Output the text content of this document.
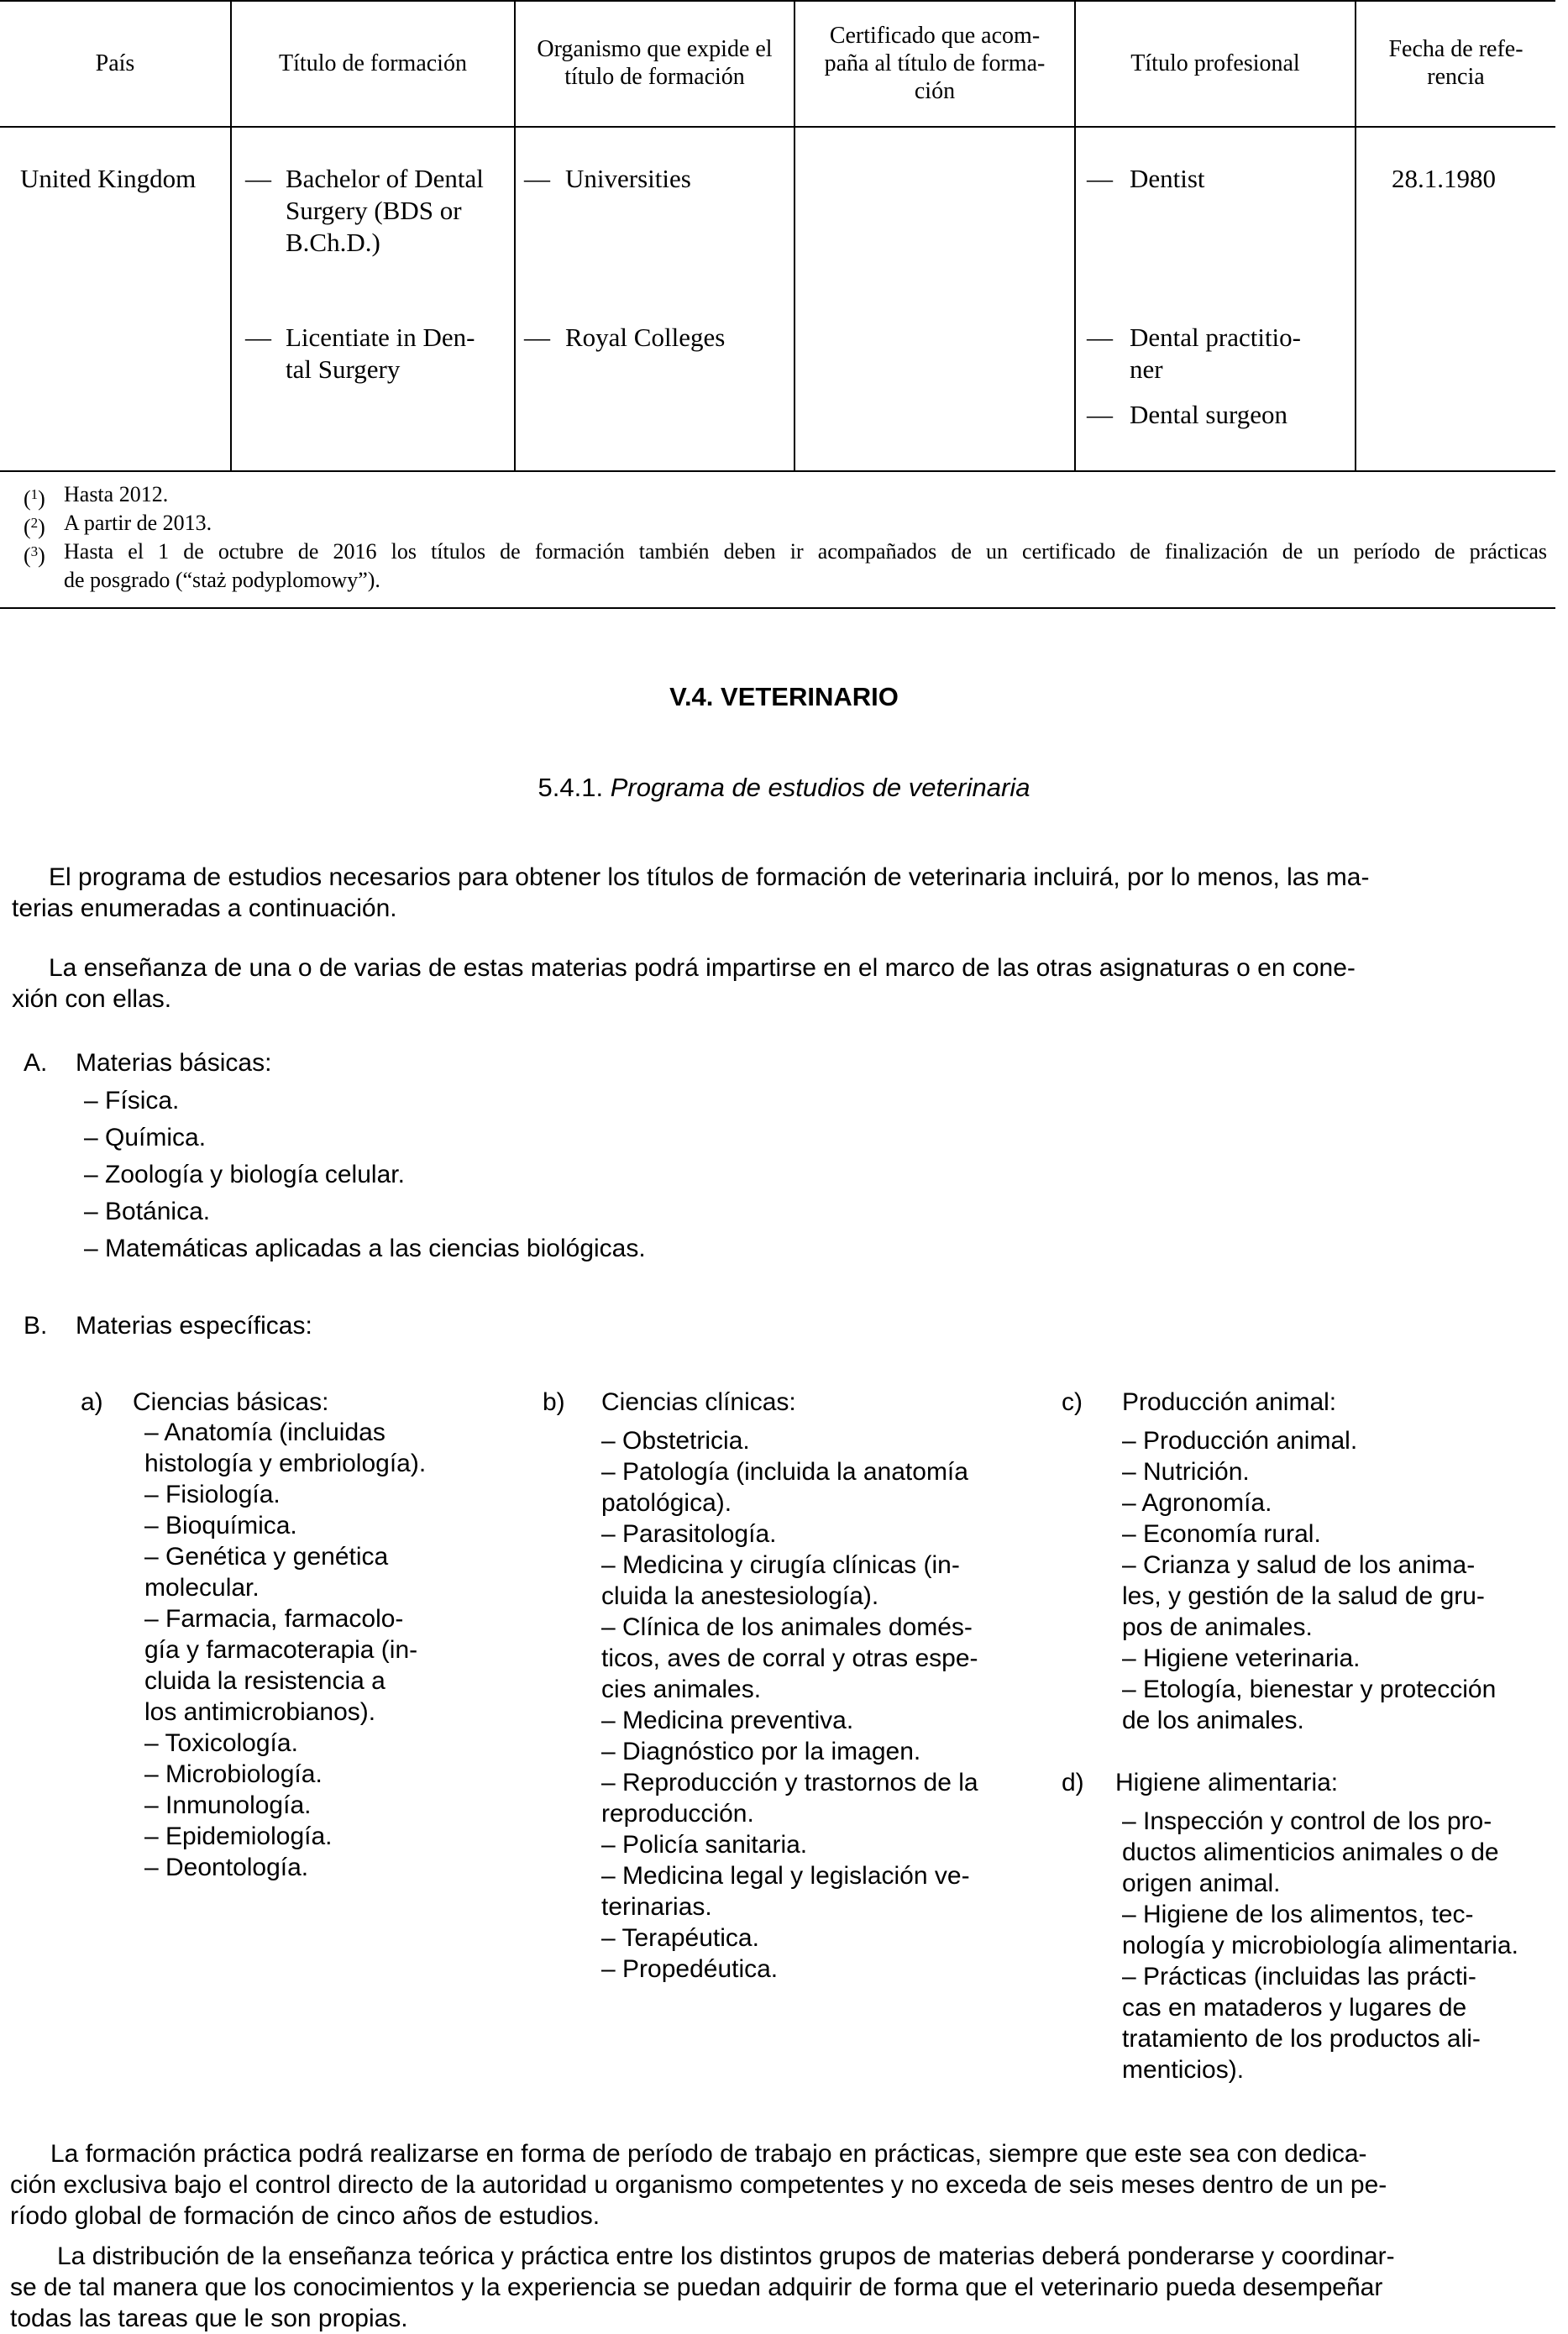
País	Título de formación
Organismo que expide el
título de formación
Certificado que acom-
paña al título de forma-
ción
Título profesional
Fecha de refe-
rencia
United Kingdom — Bachelor of Dental
Surgery (BDS or
B.Ch.D.)
— Licentiate in Den-
tal Surgery
— Universities
— Royal Colleges
— Dentist
— Dental practitio-
ner
— Dental surgeon
28.1.1980
($^1$) Hasta 2012.
($^2$) A partir de 2013.
($^3$) Hasta el 1 de octubre de 2016 los títulos de formación también deben ir acompañados de un certificado de finalización de un período de prácticas
de posgrado (“staż podyplomowy”).
V.4. VETERINARIO
5.4.1. Programa de estudios de veterinaria
El programa de estudios necesarios para obtener los títulos de formación de veterinaria incluirá, por lo menos, las ma-
terias enumeradas a continuación.
La enseñanza de una o de varias de estas materias podrá impartirse en el marco de las otras asignaturas o en cone-
xión con ellas.
A. Materias básicas:
– Física.
– Química.
– Zoología y biología celular.
– Botánica.
– Matemáticas aplicadas a las ciencias biológicas.
B. Materias específicas:
a) Ciencias básicas:
– Anatomía (incluidas
histología y embriología).
– Fisiología.
– Bioquímica.
– Genética y genética
molecular.
– Farmacia, farmacolo-
gía y farmacoterapia (in-
cluida la resistencia a
los antimicrobianos).
– Toxicología.
– Microbiología.
– Inmunología.
– Epidemiología.
– Deontología.
b) Ciencias clínicas:
– Obstetricia.
– Patología (incluida la anatomía
patológica).
– Parasitología.
– Medicina y cirugía clínicas (in-
cluida la anestesiología).
– Clínica de los animales domés-
ticos, aves de corral y otras espe-
cies animales.
– Medicina preventiva.
– Diagnóstico por la imagen.
– Reproducción y trastornos de la
reproducción.
– Policía sanitaria.
– Medicina legal y legislación ve-
terinarias.
– Terapéutica.
– Propedéutica.
c) Producción animal:
– Producción animal.
– Nutrición.
– Agronomía.
– Economía rural.
– Crianza y salud de los anima-
les, y gestión de la salud de gru-
pos de animales.
– Higiene veterinaria.
– Etología, bienestar y protección
de los animales.
d) Higiene alimentaria:
– Inspección y control de los pro-
ductos alimenticios animales o de
origen animal.
– Higiene de los alimentos, tec-
nología y microbiología alimentaria.
– Prácticas (incluidas las prácti-
cas en mataderos y lugares de
tratamiento de los productos ali-
menticios).
La formación práctica podrá realizarse en forma de período de trabajo en prácticas, siempre que este sea con dedica-
ción exclusiva bajo el control directo de la autoridad u organismo competentes y no exceda de seis meses dentro de un pe-
ríodo global de formación de cinco años de estudios.
La distribución de la enseñanza teórica y práctica entre los distintos grupos de materias deberá ponderarse y coordinar-
se de tal manera que los conocimientos y la experiencia se puedan adquirir de forma que el veterinario pueda desempeñar
todas las tareas que le son propias.
